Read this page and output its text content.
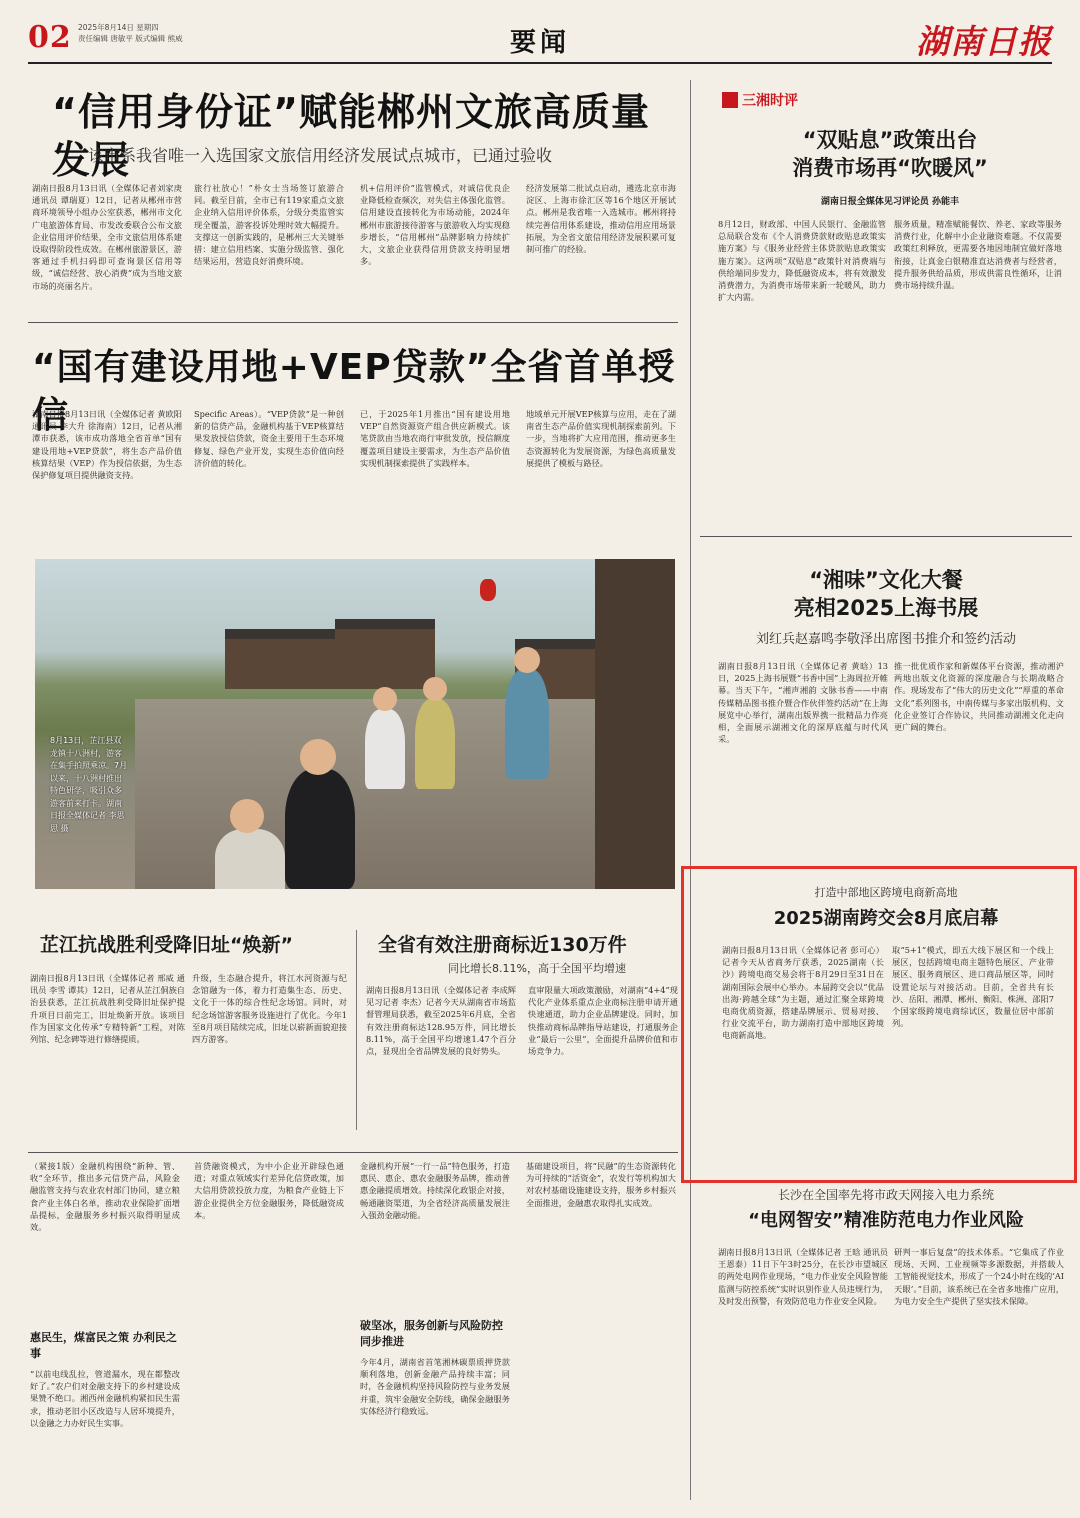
02 2025年8月14日 星期四
责任编辑 唐敏平 版式编辑 熊威	要闻	湖南日报
“信用身份证”赋能郴州文旅高质量发展
该市系我省唯一入选国家文旅信用经济发展试点城市，已通过验收
湖南日报8月13日讯（全媒体记者刘家庚 通讯员 谭瑞夏）12日，记者从郴州市营商环境领导小组办公室获悉，郴州市文化广电旅游体育局、市发改委联合公布文旅企业信用评价结果，全市文旅信用体系建设取得阶段性成效。在郴州旅游景区，游客通过手机扫码即可查询景区信用等级，“诚信经营、放心消费”成为当地文旅市场的亮丽名片。
旅行社放心！”朴女士当场签订旅游合同。截至目前，全市已有119家重点文旅企业纳入信用评价体系，分级分类监管实现全覆盖，游客投诉处理时效大幅提升。支撑这一创新实践的，是郴州三大关键举措：建立信用档案、实施分级监管、强化结果运用，营造良好消费环境。
机+信用评价”监管模式，对诚信优良企业降低检查频次，对失信主体强化监管。信用建设直接转化为市场动能，2024年郴州市旅游接待游客与旅游收入均实现稳步增长，“信用郴州”品牌影响力持续扩大，文旅企业获得信用贷款支持明显增多。
经济发展第二批试点启动，遴选北京市海淀区、上海市徐汇区等16个地区开展试点。郴州是我省唯一入选城市。郴州将持续完善信用体系建设，推动信用应用场景拓展，为全省文旅信用经济发展积累可复制可推广的经验。
“国有建设用地+VEP贷款”全省首单授信
湖南日报8月13日讯（全媒体记者 黄欧阳 通讯员 李大升 徐海南）12日，记者从湘潭市获悉，该市成功落地全省首单“国有建设用地+VEP贷款”，将生态产品价值核算结果（VEP）作为授信依据，为生态保护修复项目提供融资支持。
Specific Areas）。“VEP贷款”是一种创新的信贷产品，金融机构基于VEP核算结果发放授信贷款，资金主要用于生态环境修复、绿色产业开发，实现生态价值向经济价值的转化。
已，于2025年1月推出“国有建设用地VEP”自然资源资产组合供应新模式。该笔贷款由当地农商行审批发放，授信额度覆盖项目建设主要需求，为生态产品价值实现机制探索提供了实践样本。
地域单元开展VEP核算与应用，走在了湖南省生态产品价值实现机制探索前列。下一步，当地将扩大应用范围，推动更多生态资源转化为发展资源，为绿色高质量发展提供了模板与路径。
8月13日，芷江县双龙镇十八洲村，游客在集手拍照乘凉。7月以来，十八洲村推出特色研学，吸引众多游客前来打卡。湖南日报全媒体记者 李思思 摄
芷江抗战胜利受降旧址“焕新”
湖南日报8月13日讯（全媒体记者 邢威 通讯员 李雪 谭其）12日，记者从芷江侗族自治县获悉，芷江抗战胜利受降旧址保护提升项目日前完工，旧址焕新开放。该项目作为国家文化传承“专精特新”工程，对陈列馆、纪念碑等进行修缮提质。
升级，生态融合提升，将江水河资源与纪念馆融为一体，着力打造集生态、历史、文化于一体的综合性纪念场馆。同时，对纪念场馆游客服务设施进行了优化。今年1至8月项目陆续完成，旧址以崭新面貌迎接四方游客。
全省有效注册商标近130万件
同比增长8.11%，高于全国平均增速
湖南日报8月13日讯（全媒体记者 李成辉 见习记者 李杰）记者今天从湖南省市场监督管理局获悉，截至2025年6月底，全省有效注册商标达128.95万件，同比增长8.11%，高于全国平均增速1.47个百分点，显现出全省品牌发展的良好势头。
直审限量大项政策激励，对湖南“4+4”现代化产业体系重点企业商标注册申请开通快速通道，助力企业品牌建设。同时，加快推动商标品牌指导站建设，打通服务企业“最后一公里”，全面提升品牌价值和市场竞争力。
（紧接1版）金融机构围绕“新种、管、收”全环节，推出多元信贷产品，风险金融监管支持与农业农村部门协同，建立粮食产业主体白名单，推动农业保险扩面增品提标，金融服务乡村振兴取得明显成效。
惠民生，煤富民之策 办利民之事
“以前电线乱拉，管道漏水，现在都整改好了。”农户们对金融支持下的乡村建设成果赞不绝口。湘西州金融机构紧扣民生需求，推动老旧小区改造与人居环境提升，以金融之力办好民生实事。
首贷融资模式，为中小企业开辟绿色通道；对重点领域实行差异化信贷政策，加大信用贷款投放力度，为粮食产业链上下游企业提供全方位金融服务，降低融资成本。
金融机构开展“一行一品”特色服务，打造惠民、惠企、惠农金融服务品牌，推动普惠金融提质增效。持续深化政银企对接，畅通融资渠道，为全省经济高质量发展注入强劲金融动能。
破坚冰，服务创新与风险防控同步推进
今年4月，湖南省首笔湘林碳票质押贷款顺利落地，创新金融产品持续丰富；同时，各金融机构坚持风险防控与业务发展并重，筑牢金融安全防线，确保金融服务实体经济行稳致远。
基础建设项目，将“民融”的生态资源转化为可持续的“活资金”，农发行等机构加大对农村基础设施建设支持，服务乡村振兴全面推进，金融惠农取得扎实成效。
三湘时评
“双贴息”政策出台
消费市场再“吹暖风”
湖南日报全媒体见习评论员 孙能丰
8月12日，财政部、中国人民银行、金融监管总局联合发布《个人消费贷款财政贴息政策实施方案》与《服务业经营主体贷款贴息政策实施方案》。这两项“双贴息”政策针对消费端与供给端同步发力，降低融资成本，将有效激发消费潜力，为消费市场带来新一轮暖风，助力扩大内需。
服务质量，精准赋能餐饮、养老、家政等服务消费行业，化解中小企业融资难题。不仅需要政策红利释放，更需要各地因地制宜做好落地衔接，让真金白银精准直达消费者与经营者，提升服务供给品质，形成供需良性循环，让消费市场持续升温。
“湘味”文化大餐
亮相2025上海书展
刘红兵赵嘉鸣李敬泽出席图书推介和签约活动
湖南日报8月13日讯（全媒体记者 黄晗）13日，2025上海书展暨“书香中国”上海周拉开帷幕。当天下午，“湘声湘韵 文脉书香——中南传媒精品图书推介暨合作伙伴签约活动”在上海展览中心举行，湖南出版界携一批精品力作亮相，全面展示湖湘文化的深厚底蕴与时代风采。
推一批优质作家和新媒体平台资源，推动湘沪两地出版文化资源的深度融合与长期战略合作。现场发布了“伟大的历史文化”“厚重的革命文化”系列图书，中南传媒与多家出版机构、文化企业签订合作协议，共同推动湖湘文化走向更广阔的舞台。
打造中部地区跨境电商新高地
2025湖南跨交会8月底启幕
湖南日报8月13日讯（全媒体记者 彭可心）记者今天从省商务厅获悉，2025湖南（长沙）跨境电商交易会将于8月29日至31日在湖南国际会展中心举办。本届跨交会以“优品出海·跨越全球”为主题，通过汇聚全球跨境电商优质资源，搭建品牌展示、贸易对接、行业交流平台，助力湖南打造中部地区跨境电商新高地。
取“5+1”模式，即五大线下展区和一个线上展区，包括跨境电商主题特色展区、产业带展区、服务商展区、进口商品展区等，同时设置论坛与对接活动。目前，全省共有长沙、岳阳、湘潭、郴州、衡阳、株洲、邵阳7个国家级跨境电商综试区，数量位居中部前列。
长沙在全国率先将市政天网接入电力系统
“电网智安”精准防范电力作业风险
湖南日报8月13日讯（全媒体记者 王晗 通讯员 王恩泰）11日下午3时25分，在长沙市望城区的两处电网作业现场，“电力作业安全风险智能监测与防控系统”实时识别作业人员违规行为，及时发出预警，有效防范电力作业安全风险。
研判一事后复盘”的技术体系。“它集成了作业现场、天网、工业视频等多源数据，并搭载人工智能视觉技术，形成了一个24小时在线的‘AI天眼’。”目前，该系统已在全省多地推广应用，为电力安全生产提供了坚实技术保障。
